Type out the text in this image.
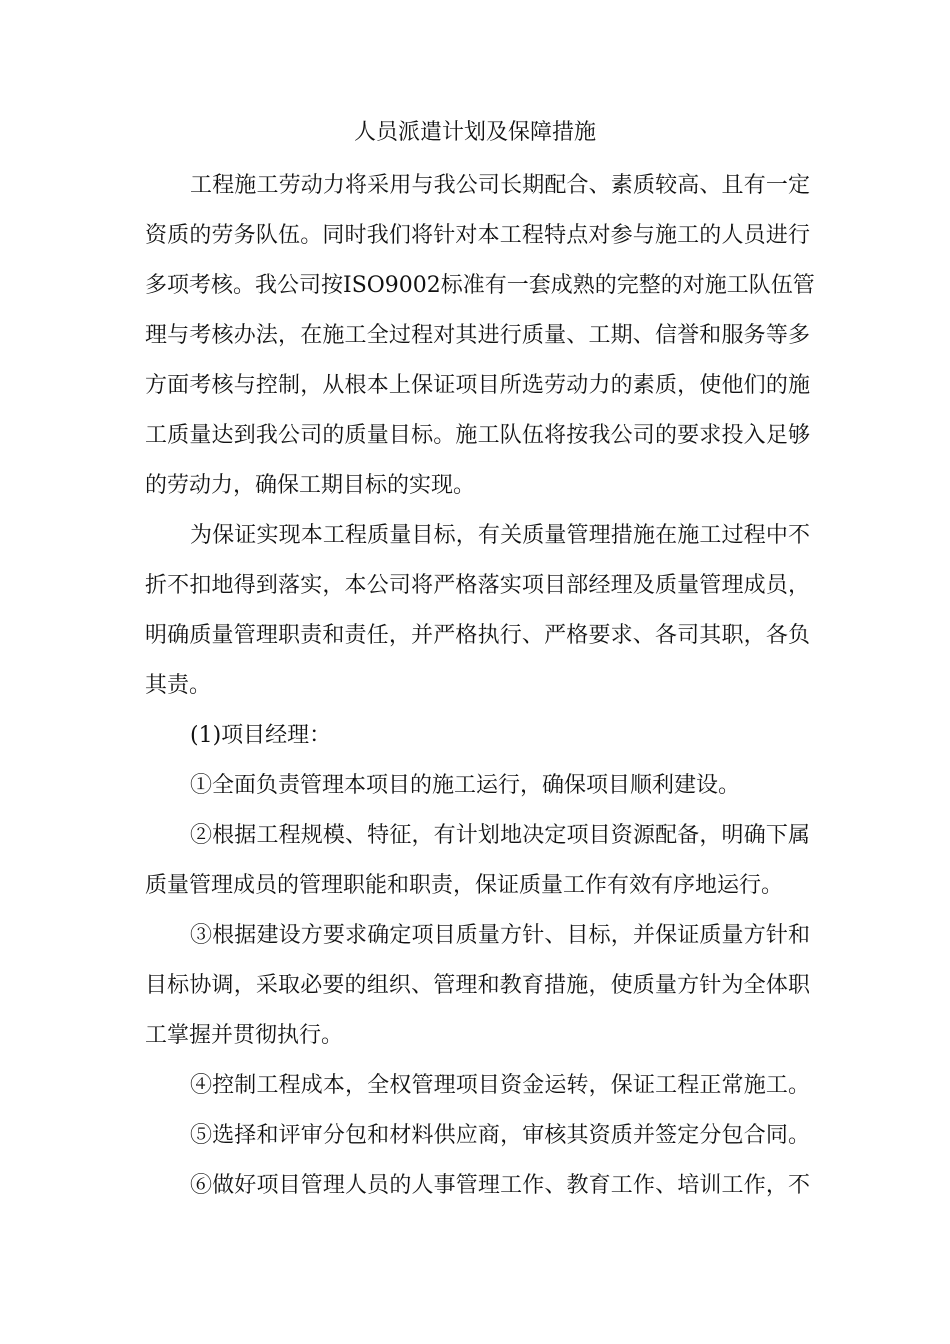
人员派遣计划及保障措施
工程施工劳动力将采用与我公司长期配合、素质较高、且有一定
资质的劳务队伍。同时我们将针对本工程特点对参与施工的人员进行
多项考核。我公司按ISO9002标准有一套成熟的完整的对施工队伍管
理与考核办法，在施工全过程对其进行质量、工期、信誉和服务等多
方面考核与控制，从根本上保证项目所选劳动力的素质，使他们的施
工质量达到我公司的质量目标。施工队伍将按我公司的要求投入足够
的劳动力，确保工期目标的实现。
为保证实现本工程质量目标，有关质量管理措施在施工过程中不
折不扣地得到落实，本公司将严格落实项目部经理及质量管理成员，
明确质量管理职责和责任，并严格执行、严格要求、各司其职，各负
其责。
(1)项目经理：
①全面负责管理本项目的施工运行，确保项目顺利建设。
②根据工程规模、特征，有计划地决定项目资源配备，明确下属
质量管理成员的管理职能和职责，保证质量工作有效有序地运行。
③根据建设方要求确定项目质量方针、目标，并保证质量方针和
目标协调，采取必要的组织、管理和教育措施，使质量方针为全体职
工掌握并贯彻执行。
④控制工程成本，全权管理项目资金运转，保证工程正常施工。
⑤选择和评审分包和材料供应商，审核其资质并签定分包合同。
⑥做好项目管理人员的人事管理工作、教育工作、培训工作，不
